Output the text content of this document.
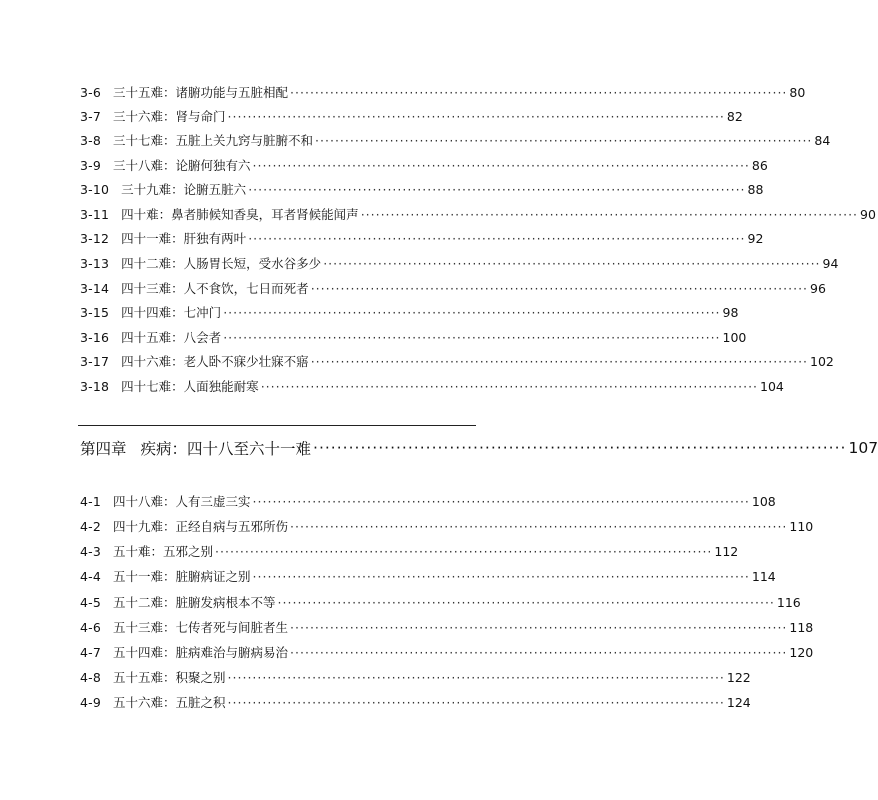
3-6 三十五难：诸腑功能与五脏相配 ···································································································· 80
3-7 三十六难：肾与命门 ···································································································· 82
3-8 三十七难：五脏上关九窍与脏腑不和 ···································································································· 84
3-9 三十八难：论腑何独有六 ···································································································· 86
3-10 三十九难：论腑五脏六 ···································································································· 88
3-11 四十难：鼻者肺候知香臭，耳者肾候能闻声 ···································································································· 90
3-12 四十一难：肝独有两叶 ···································································································· 92
3-13 四十二难：人肠胃长短，受水谷多少 ···································································································· 94
3-14 四十三难：人不食饮，七日而死者 ···································································································· 96
3-15 四十四难：七冲门 ···································································································· 98
3-16 四十五难：八会者 ···································································································· 100
3-17 四十六难：老人卧不寐少壮寐不寤 ···································································································· 102
3-18 四十七难：人面独能耐寒 ···································································································· 104
第四章 疾病：四十八至六十一难 ·························································································· 107
4-1 四十八难：人有三虚三实 ···································································································· 108
4-2 四十九难：正经自病与五邪所伤 ···································································································· 110
4-3 五十难：五邪之别 ···································································································· 112
4-4 五十一难：脏腑病证之别 ···································································································· 114
4-5 五十二难：脏腑发病根本不等 ···································································································· 116
4-6 五十三难：七传者死与间脏者生 ···································································································· 118
4-7 五十四难：脏病难治与腑病易治 ···································································································· 120
4-8 五十五难：积聚之别 ···································································································· 122
4-9 五十六难：五脏之积 ···································································································· 124
